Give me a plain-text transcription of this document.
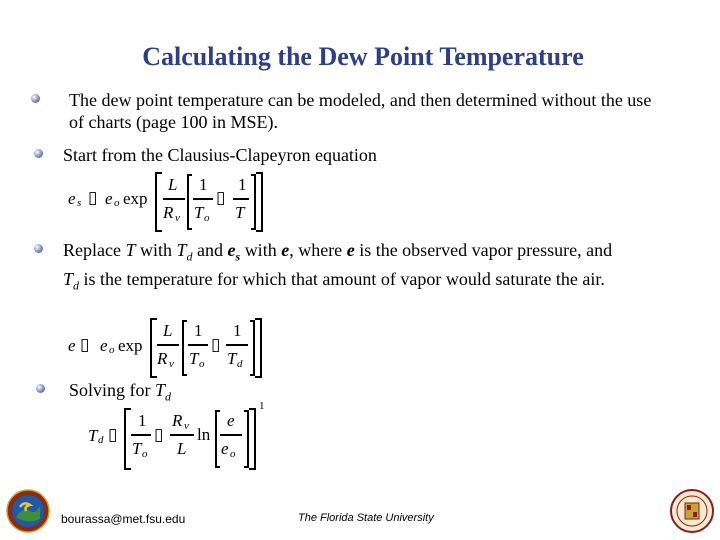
Calculating the Dew Point Temperature
The dew point temperature can be modeled, and then determined without the use of charts (page 100 in MSE).
Start from the Clausius-Clapeyron equation
e s ▯ e o exp
L
R v
1
T o
▯
1
T
Replace T with $T_d$ and $e_s$ with e, where e is the observed vapor pressure, and $T_d$ is the temperature for which that amount of vapor would saturate the air.
e ▯ e o exp
L
R v
1
T o
▯
1
T d
Solving for $T_d$
T d ▯
1
T o
▯
R v
L
ln
e
e o
1
bourassa@met.fsu.edu	The Florida State University
